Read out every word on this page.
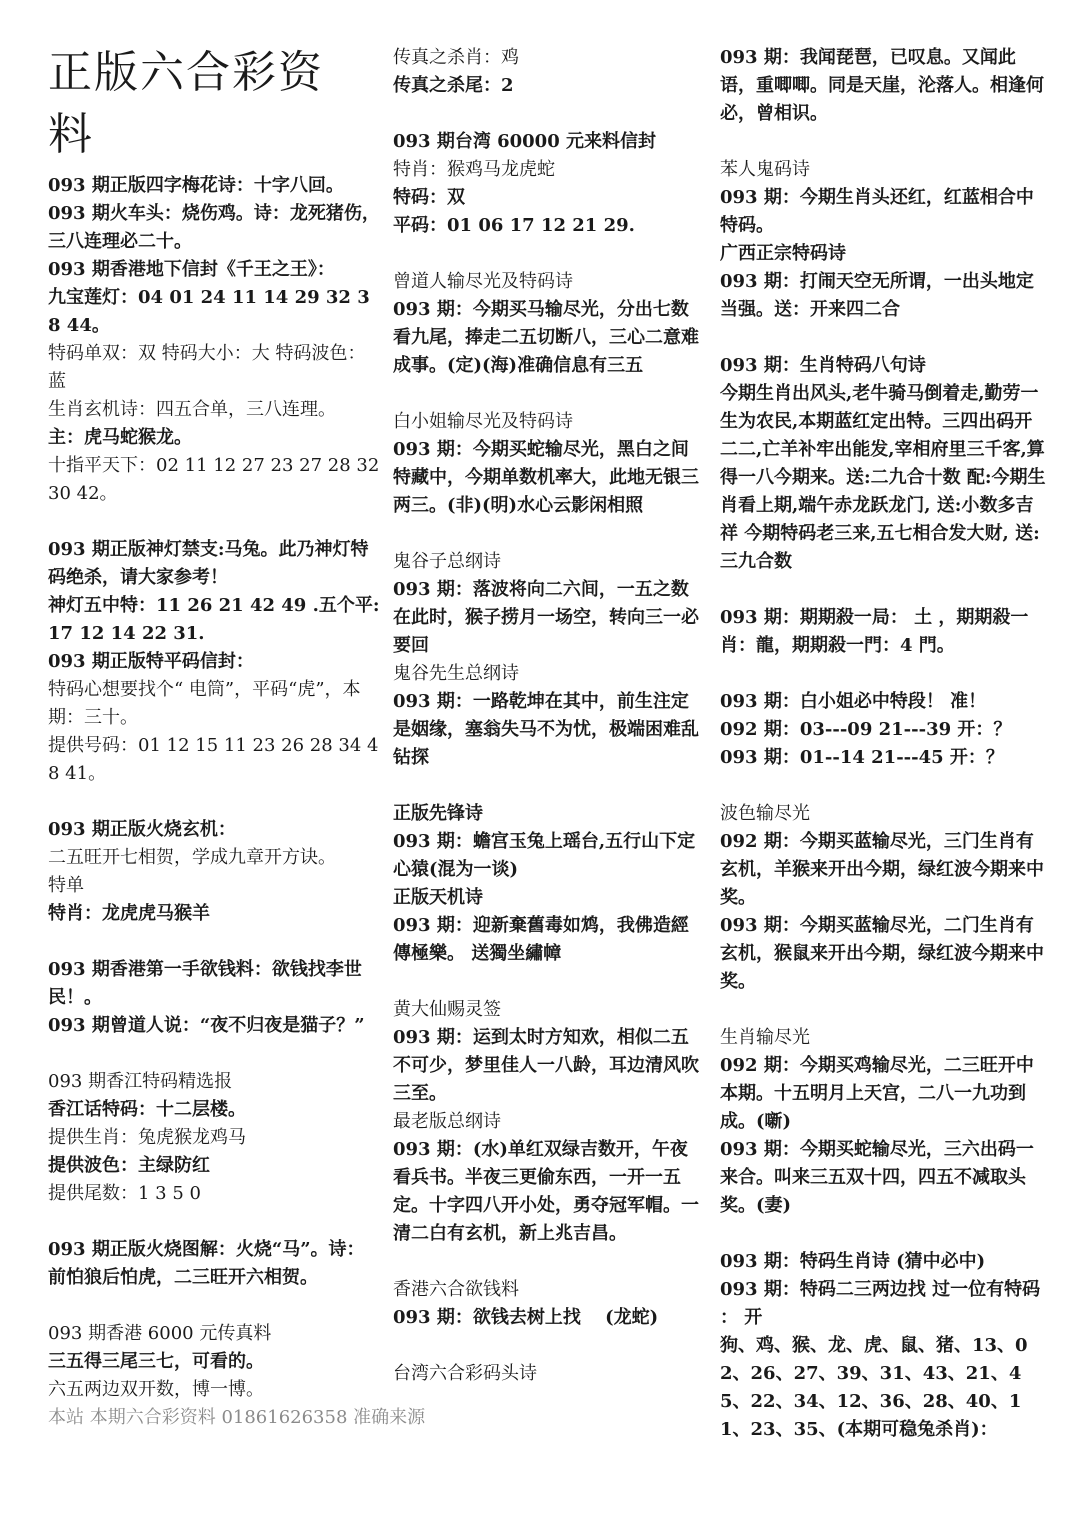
正版六合彩资料
093 期正版四字梅花诗：十字八回。
093 期火车头：烧伤鸡。诗：龙死猪伤，三八连理必二十。
093 期香港地下信封《千王之王》：
九宝莲灯：04 01 24 11 14 29 32 38 44。
特码单双：双 特码大小：大 特码波色：蓝
生肖玄机诗：四五合单，三八连理。
主：虎马蛇猴龙。
十指平天下：02 11 12 27 23 27 28 32 30 42。
093 期正版神灯禁支:马兔。此乃神灯特码绝杀，请大家参考！
神灯五中特：11 26 21 42 49 .五个平:17 12 14 22 31.
093 期正版特平码信封：
特码心想要找个“ 电筒”，平码“虎”，本期：三十。
提供号码：01 12 15 11 23 26 28 34 48 41。
093 期正版火烧玄机：
二五旺开七相贺，学成九章开方诀。
特单
特肖：龙虎虎马猴羊
093 期香港第一手欲钱料：欲钱找李世民！。
093 期曾道人说：“夜不归夜是猫子？”
093 期香江特码精选报
香江话特码：十二层楼。
提供生肖：兔虎猴龙鸡马
提供波色：主绿防红
提供尾数：1 3 5 0
093 期正版火烧图解：火烧“马”。诗：前怕狼后怕虎，二三旺开六相贺。
093 期香港 6000 元传真料
三五得三尾三七，可看的。
六五两边双开数，博一博。
本站 本期六合彩资料 01861626358 准确来源
传真之杀肖：鸡
传真之杀尾：2
093 期台湾 60000 元来料信封
特肖：猴鸡马龙虎蛇
特码：双
平码：01 06 17 12 21 29.
曾道人输尽光及特码诗
093 期：今期买马输尽光，分出七数看九尾，捧走二五切断八，三心二意难成事。(定)(海)准确信息有三五
白小姐输尽光及特码诗
093 期：今期买蛇输尽光，黑白之间特藏中，今期单数机率大，此地无银三两三。(非)(明)水心云影闲相照
鬼谷子总纲诗
093 期：落波将向二六间，一五之数在此时，猴子捞月一场空，转向三一必要回
鬼谷先生总纲诗
093 期：一路乾坤在其中，前生注定是姻缘，塞翁失马不为忧，极端困难乱钻探
正版先锋诗
093 期：蟾宫玉兔上瑶台,五行山下定心猿(混为一谈)
正版天机诗
093 期：迎新棄舊毒如鸩，我佛造經傳極樂。 送獨坐繡幛
黄大仙赐灵签
093 期：运到太时方知欢，相似二五不可少，梦里佳人一八龄，耳边清风吹三至。
最老版总纲诗
093 期：(水)单红双绿吉数开，午夜看兵书。半夜三更偷东西，一开一五定。十字四八开小处，勇夺冠军帽。一清二白有玄机，新上兆吉昌。
香港六合欲钱料
093 期：欲钱去树上找　 (龙蛇)
台湾六合彩码头诗
093 期：我闻琵琶，已叹息。又闻此语，重唧唧。同是天崖，沦落人。相逢何必，曾相识。
苯人鬼码诗
093 期：今期生肖头还红，红蓝相合中特码。
广西正宗特码诗
093 期：打闹天空无所谓，一出头地定当强。送：开来四二合
093 期：生肖特码八句诗
今期生肖出风头,老牛骑马倒着走,勤劳一生为农民,本期蓝红定出特。三四出码开二二,亡羊补牢出能发,宰相府里三千客,算得一八今期来。送:二九合十数 配:今期生肖看上期,端午赤龙跃龙门, 送:小数多吉祥 今期特码老三来,五七相合发大财, 送:三九合数
093 期：期期殺一局： 土 ，期期殺一肖：龍，期期殺一門：4 門。
093 期：白小姐必中特段！ 准！
092 期：03---09 21---39 开：？
093 期：01--14 21---45 开：？
波色输尽光
092 期：今期买蓝输尽光，三门生肖有玄机，羊猴来开出今期，绿红波今期来中奖。
093 期：今期买蓝输尽光，二门生肖有玄机，猴鼠来开出今期，绿红波今期来中奖。
生肖输尽光
092 期：今期买鸡输尽光，二三旺开中本期。十五明月上天宫，二八一九功到成。(噺)
093 期：今期买蛇输尽光，三六出码一来合。叫来三五双十四，四五不减取头奖。(妻)
093 期：特码生肖诗 (猜中必中)
093 期：特码二三两边找 过一位有特码 ： 开
狗、鸡、猴、龙、虎、鼠、猪、13、02、26、27、39、31、43、21、45、22、34、12、36、28、40、11、23、35、(本期可稳兔杀肖)：
